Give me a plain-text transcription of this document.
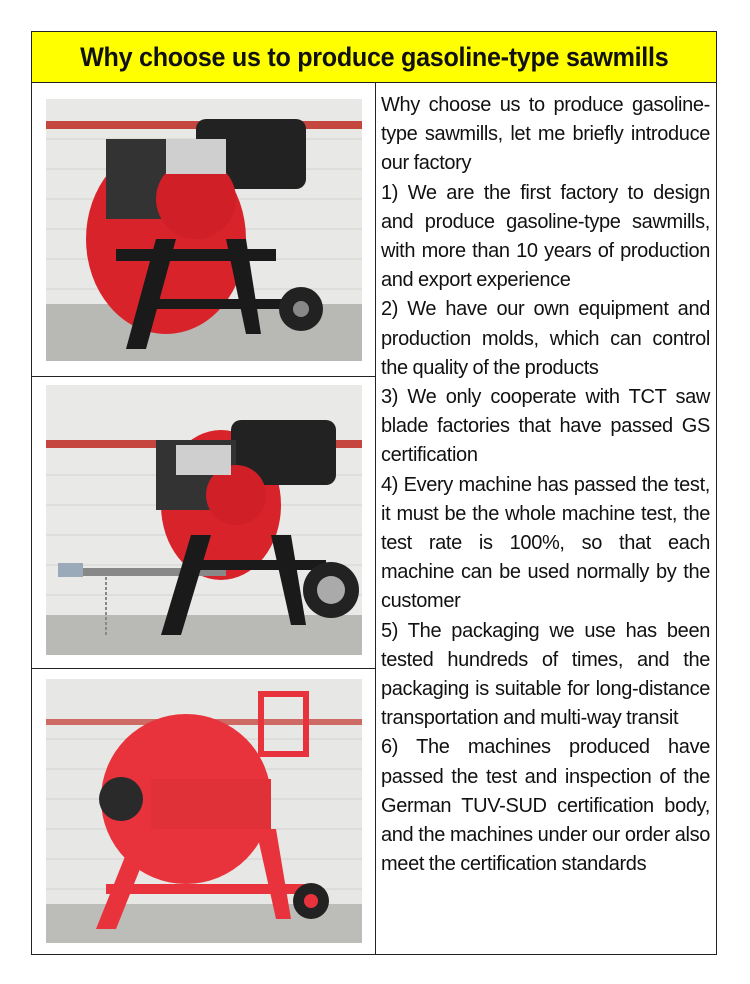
Why choose us to produce gasoline-type sawmills

Why choose us to produce gasoline-type sawmills, let me briefly introduce our factory

1) We are the first factory to design and produce gasoline-type sawmills, with more than 10 years of production and export experience

2) We have our own equipment and production molds, which can control the quality of the products

3) We only cooperate with TCT saw blade factories that have passed GS certification

4) Every machine has passed the test, it must be the whole machine test, the test rate is 100%, so that each machine can be used normally by the customer

5) The packaging we use has been tested hundreds of times, and the packaging is suitable for long-distance transportation and multi-way transit

6) The machines produced have passed the test and inspection of the German TUV-SUD certification body, and the machines under our order also meet the certification standards
